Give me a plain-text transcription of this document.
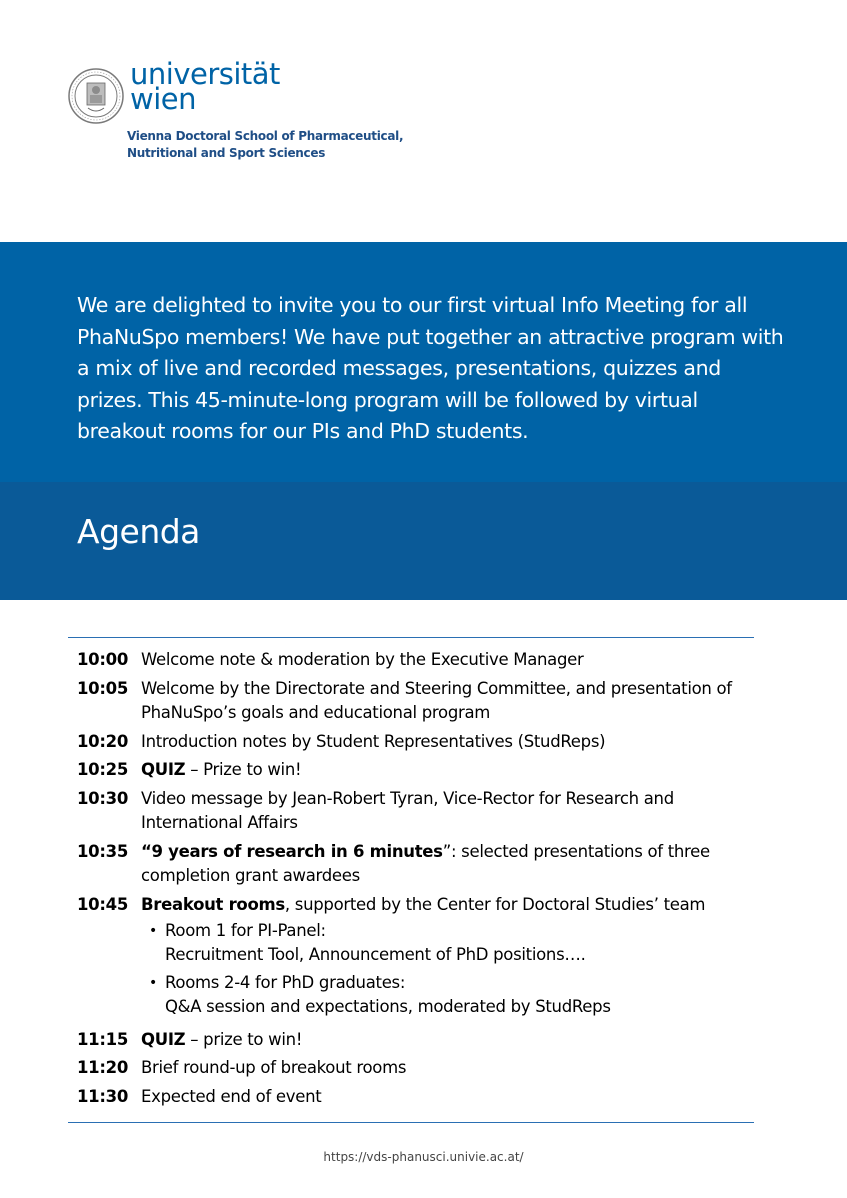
universität
wien
Vienna Doctoral School of Pharmaceutical,
Nutritional and Sport Sciences

We are delighted to invite you to our first virtual Info Meeting for all PhaNuSpo members! We have put together an attractive program with a mix of live and recorded messages, presentations, quizzes and prizes. This 45-minute-long program will be followed by virtual breakout rooms for our PIs and PhD students.

Agenda
10:00 Welcome note & moderation by the Executive Manager
10:05 Welcome by the Directorate and Steering Committee, and presentation of PhaNuSpo’s goals and educational program
10:20 Introduction notes by Student Representatives (StudReps)
10:25 QUIZ – Prize to win!
10:30 Video message by Jean-Robert Tyran, Vice-Rector for Research and International Affairs
10:35 “9 years of research in 6 minutes”: selected presentations of three completion grant awardees
10:45 Breakout rooms, supported by the Center for Doctoral Studies’ team
• Room 1 for PI-Panel:
Recruitment Tool, Announcement of PhD positions….
• Rooms 2-4 for PhD graduates:
Q&A session and expectations, moderated by StudReps
11:15 QUIZ – prize to win!
11:20 Brief round-up of breakout rooms
11:30 Expected end of event
https://vds-phanusci.univie.ac.at/
